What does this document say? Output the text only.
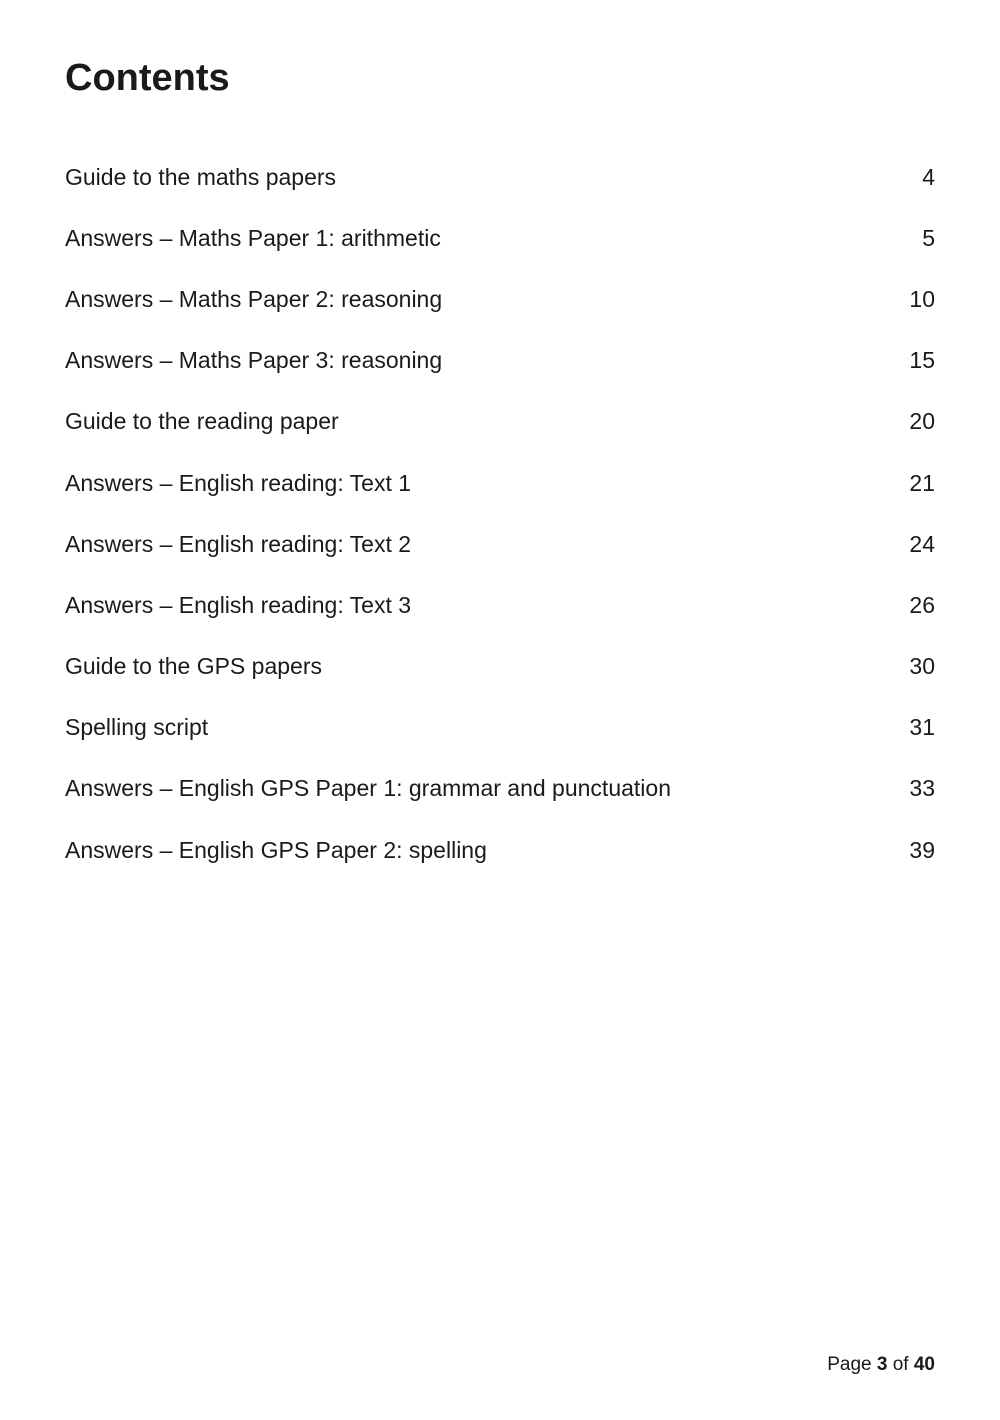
Contents
Guide to the maths papers	4
Answers – Maths Paper 1: arithmetic	5
Answers – Maths Paper 2: reasoning	10
Answers – Maths Paper 3: reasoning	15
Guide to the reading paper	20
Answers – English reading: Text 1	21
Answers – English reading: Text 2	24
Answers – English reading: Text 3	26
Guide to the GPS papers	30
Spelling script	31
Answers – English GPS Paper 1: grammar and punctuation	33
Answers – English GPS Paper 2: spelling	39
Page 3 of 40
